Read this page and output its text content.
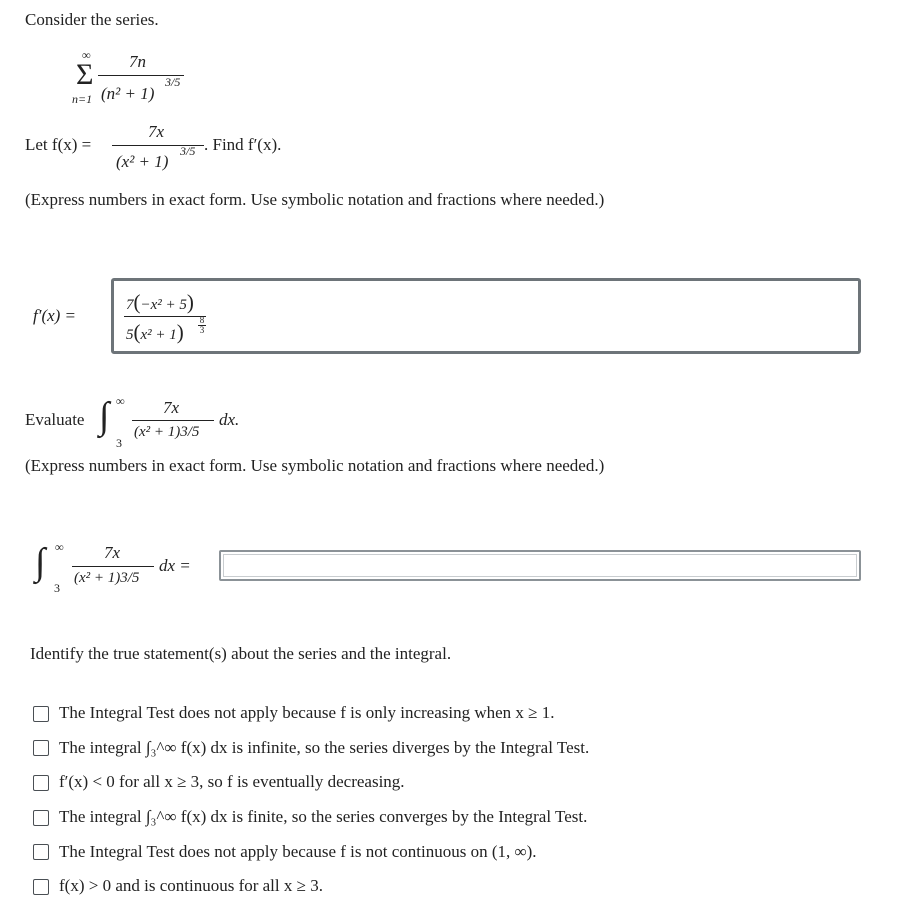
Consider the series.
∞
Σ
n=1
7n
(n² + 1)
3/5
Let f(x) =
7x
(x² + 1)
3/5 . Find f′(x).
(Express numbers in exact form. Use symbolic notation and fractions where needed.)
f′(x) =
7(−x² + 5)
$5(x^2 + 1) \frac{8}{3}$
Evaluate ∫ ∞
3
7x
(x² + 1)3/5
dx.
(Express numbers in exact form. Use symbolic notation and fractions where needed.)
∫ ∞
3
7x
(x² + 1)3/5
dx =
Identify the true statement(s) about the series and the integral.
The Integral Test does not apply because f is only increasing when x ≥ 1.
The integral ∫₃^∞ f(x) dx is infinite, so the series diverges by the Integral Test.
f′(x) < 0 for all x ≥ 3, so f is eventually decreasing.
The integral ∫₃^∞ f(x) dx is finite, so the series converges by the Integral Test.
The Integral Test does not apply because f is not continuous on (1, ∞).
f(x) > 0 and is continuous for all x ≥ 3.
